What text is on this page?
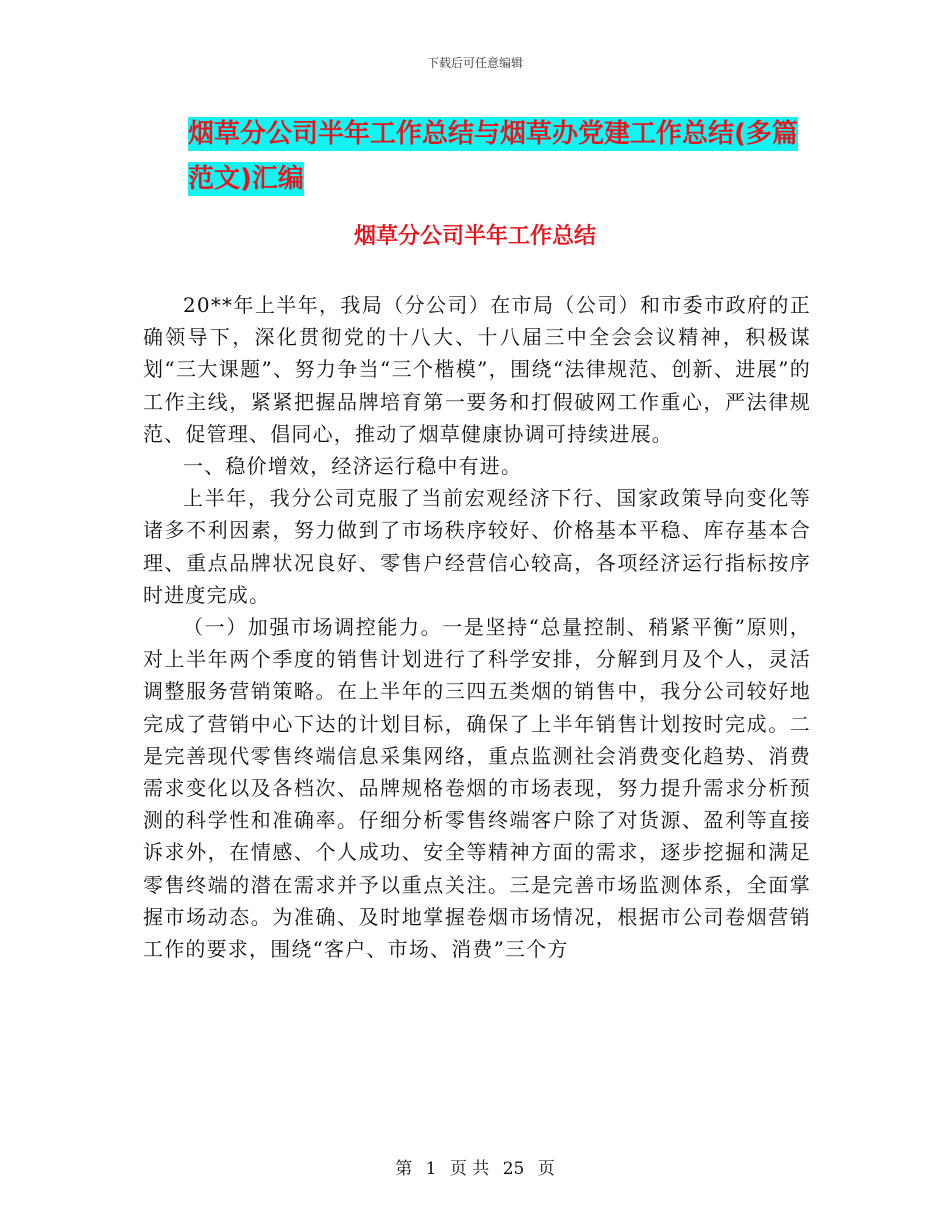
下载后可任意编辑
烟草分公司半年工作总结与烟草办党建工作总结(多篇范文)汇编
烟草分公司半年工作总结

20**年上半年，我局（分公司）在市局（公司）和市委市政府的正确领导下，深化贯彻党的十八大、十八届三中全会会议精神，积极谋划“三大课题”、努力争当“三个楷模”，围绕“法律规范、创新、进展”的工作主线，紧紧把握品牌培育第一要务和打假破网工作重心，严法律规范、促管理、倡同心，推动了烟草健康协调可持续进展。

一、稳价增效，经济运行稳中有进。

上半年，我分公司克服了当前宏观经济下行、国家政策导向变化等诸多不利因素，努力做到了市场秩序较好、价格基本平稳、库存基本合理、重点品牌状况良好、零售户经营信心较高，各项经济运行指标按序时进度完成。

（一）加强市场调控能力。一是坚持“总量控制、稍紧平衡”原则，对上半年两个季度的销售计划进行了科学安排，分解到月及个人，灵活调整服务营销策略。在上半年的三四五类烟的销售中，我分公司较好地完成了营销中心下达的计划目标，确保了上半年销售计划按时完成。二是完善现代零售终端信息采集网络，重点监测社会消费变化趋势、消费需求变化以及各档次、品牌规格卷烟的市场表现，努力提升需求分析预测的科学性和准确率。仔细分析零售终端客户除了对货源、盈利等直接诉求外，在情感、个人成功、安全等精神方面的需求，逐步挖掘和满足零售终端的潜在需求并予以重点关注。三是完善市场监测体系，全面掌握市场动态。为准确、及时地掌握卷烟市场情况，根据市公司卷烟营销工作的要求，围绕“客户、市场、消费”三个方

第 1 页 共 25 页
